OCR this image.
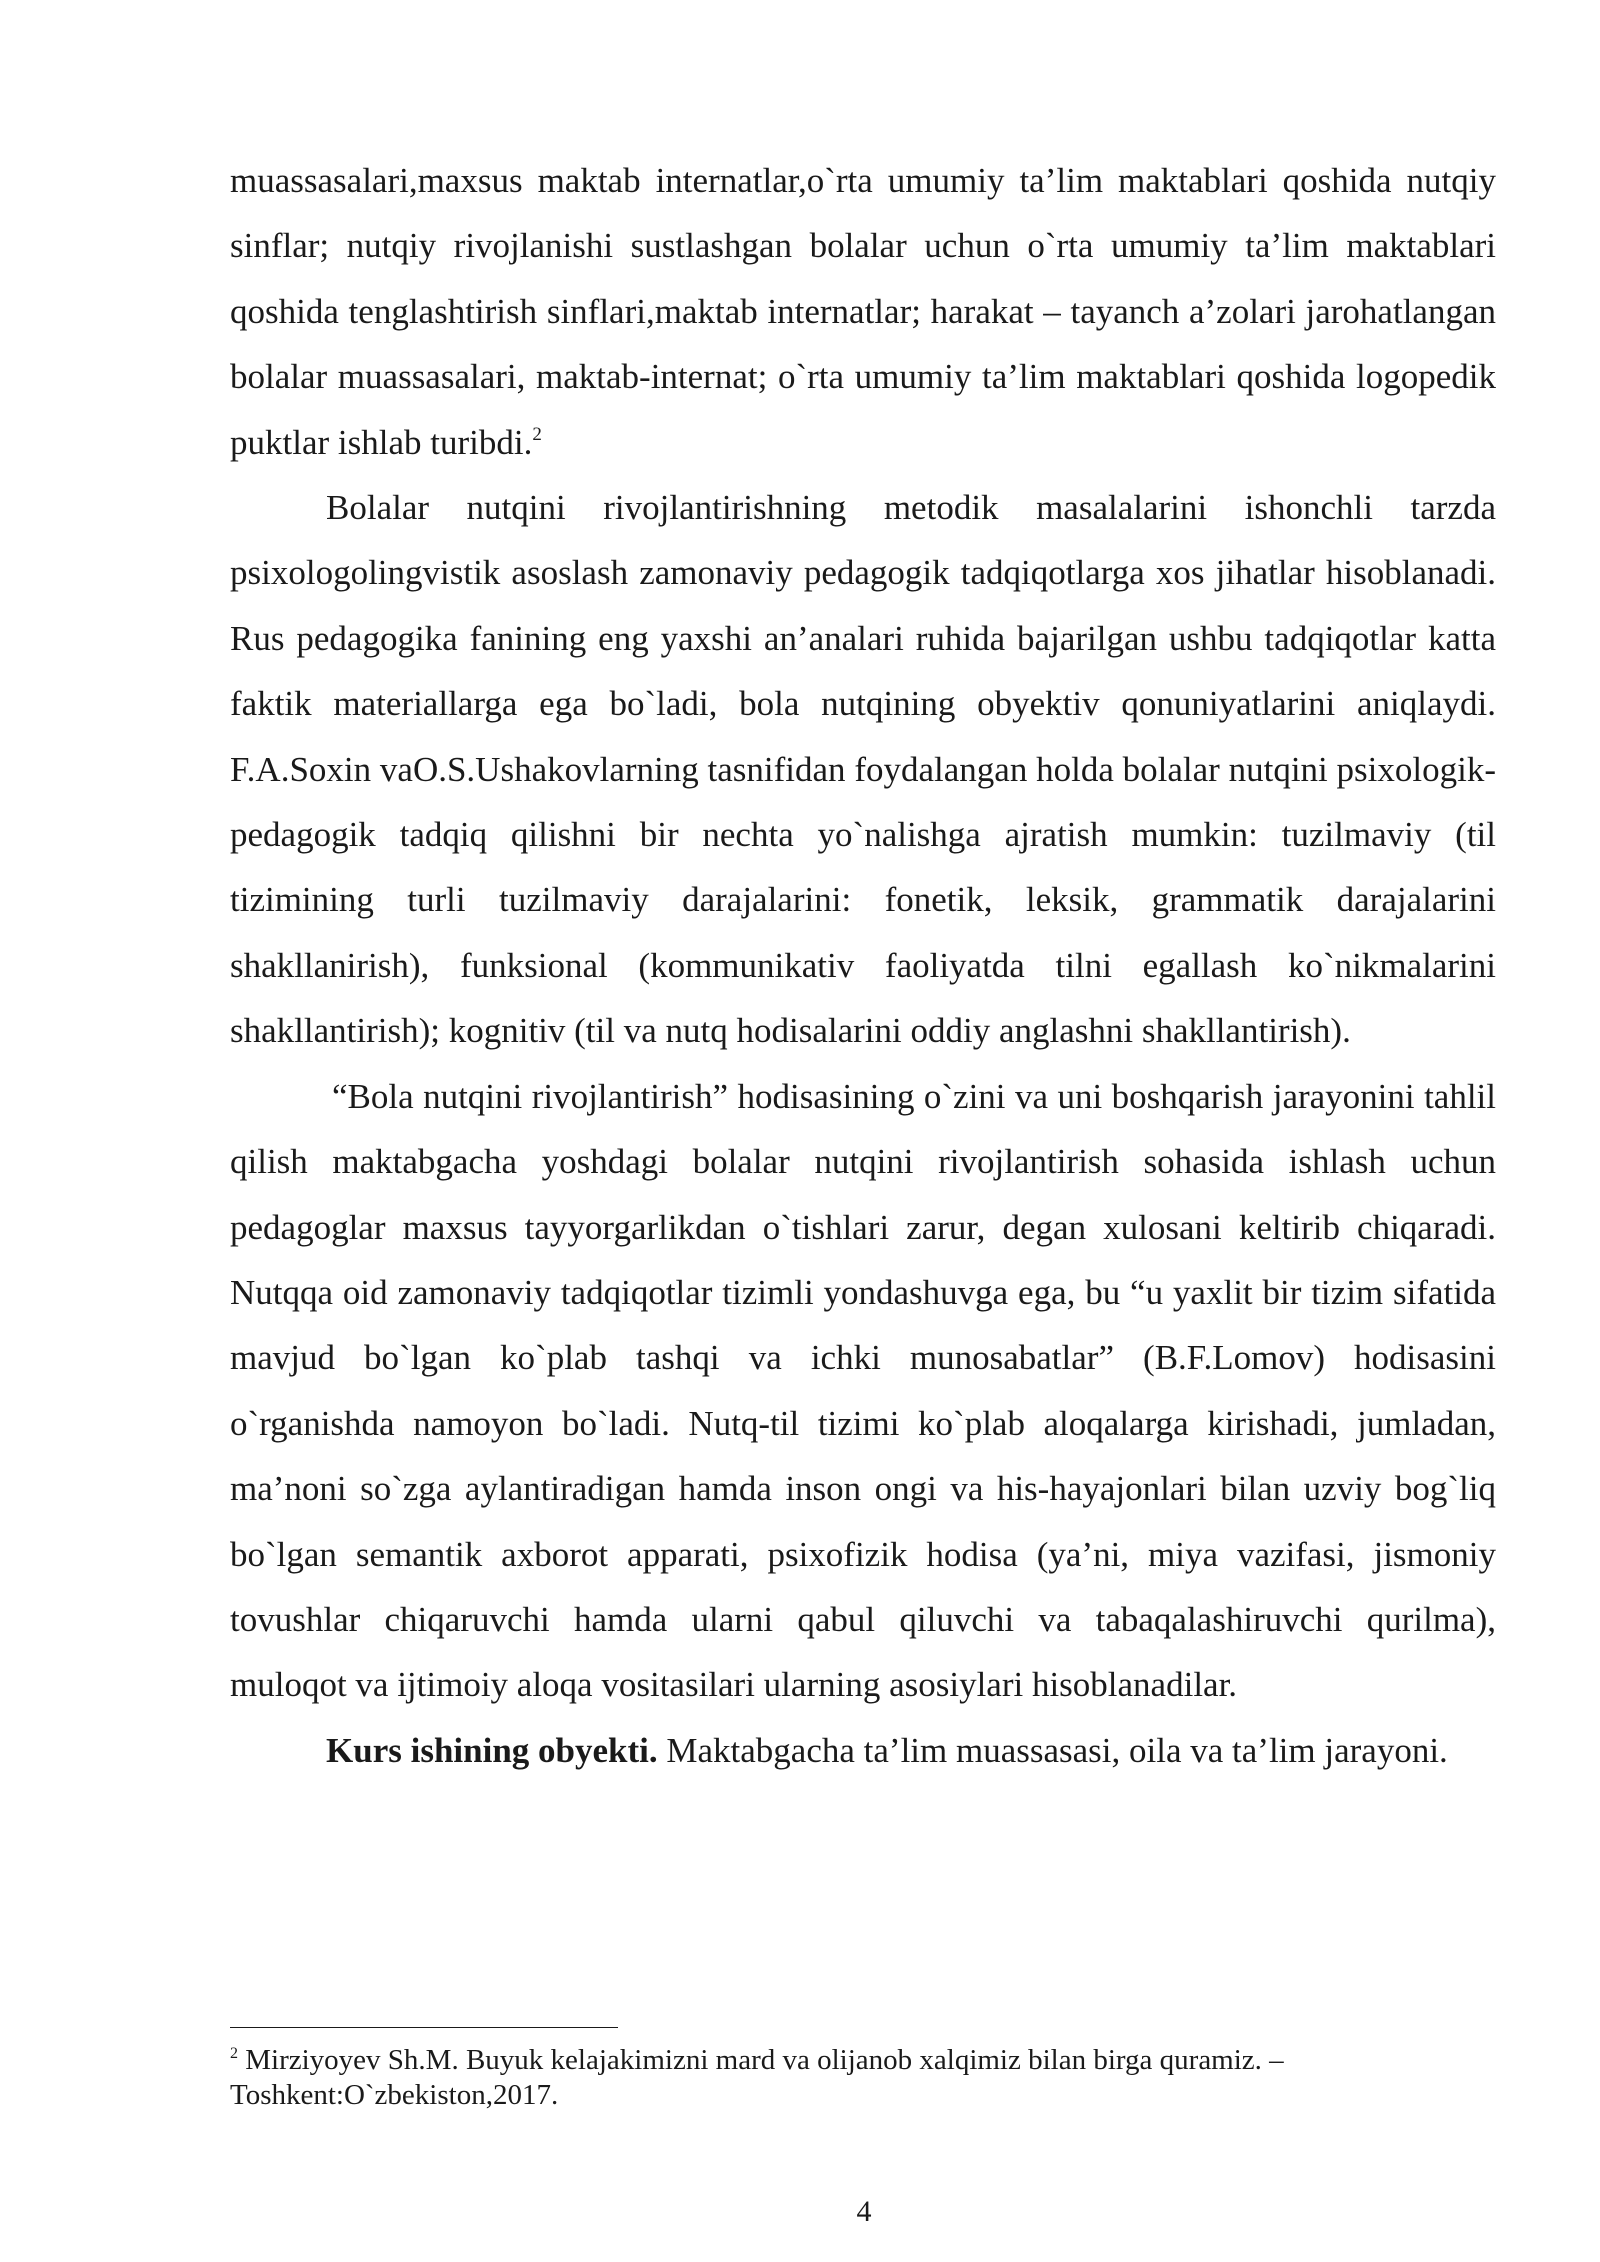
muassasalari,maxsus maktab internatlar,o`rta umumiy ta’lim maktablari qoshida nutqiy sinflar; nutqiy rivojlanishi sustlashgan bolalar uchun o`rta umumiy ta’lim maktablari qoshida tenglashtirish sinflari,maktab internatlar; harakat – tayanch a’zolari jarohatlangan bolalar muassasalari, maktab-internat; o`rta umumiy ta’lim maktablari qoshida logopedik puktlar ishlab turibdi.$^2$

Bolalar nutqini rivojlantirishning metodik masalalarini ishonchli tarzda psixologolingvistik asoslash zamonaviy pedagogik tadqiqotlarga xos jihatlar hisoblanadi. Rus pedagogika fanining eng yaxshi an’analari ruhida bajarilgan ushbu tadqiqotlar katta faktik materiallarga ega bo`ladi, bola nutqining obyektiv qonuniyatlarini aniqlaydi. F.A.Soxin vaO.S.Ushakovlarning tasnifidan foydalangan holda bolalar nutqini psixologik-pedagogik tadqiq qilishni bir nechta yo`nalishga ajratish mumkin: tuzilmaviy (til tizimining turli tuzilmaviy darajalarini: fonetik, leksik, grammatik darajalarini shakllanirish), funksional (kommunikativ faoliyatda tilni egallash ko`nikmalarini shakllantirish); kognitiv (til va nutq hodisalarini oddiy anglashni shakllantirish).

“Bola nutqini rivojlantirish” hodisasining o`zini va uni boshqarish jarayonini tahlil qilish maktabgacha yoshdagi bolalar nutqini rivojlantirish sohasida ishlash uchun pedagoglar maxsus tayyorgarlikdan o`tishlari zarur, degan xulosani keltirib chiqaradi. Nutqqa oid zamonaviy tadqiqotlar tizimli yondashuvga ega, bu “u yaxlit bir tizim sifatida mavjud bo`lgan ko`plab tashqi va ichki munosabatlar” (B.F.Lomov) hodisasini o`rganishda namoyon bo`ladi. Nutq-til tizimi ko`plab aloqalarga kirishadi, jumladan, ma’noni so`zga aylantiradigan hamda inson ongi va his-hayajonlari bilan uzviy bog`liq bo`lgan semantik axborot apparati, psixofizik hodisa (ya’ni, miya vazifasi, jismoniy tovushlar chiqaruvchi hamda ularni qabul qiluvchi va tabaqalashiruvchi qurilma), muloqot va ijtimoiy aloqa vositasilari ularning asosiylari hisoblanadilar.

Kurs ishining obyekti. Maktabgacha ta’lim muassasasi, oila va ta’lim jarayoni.

$^2$ Mirziyoyev Sh.M. Buyuk kelajakimizni mard va olijanob xalqimiz bilan birga quramiz. – Toshkent:O`zbekiston,2017.
4
